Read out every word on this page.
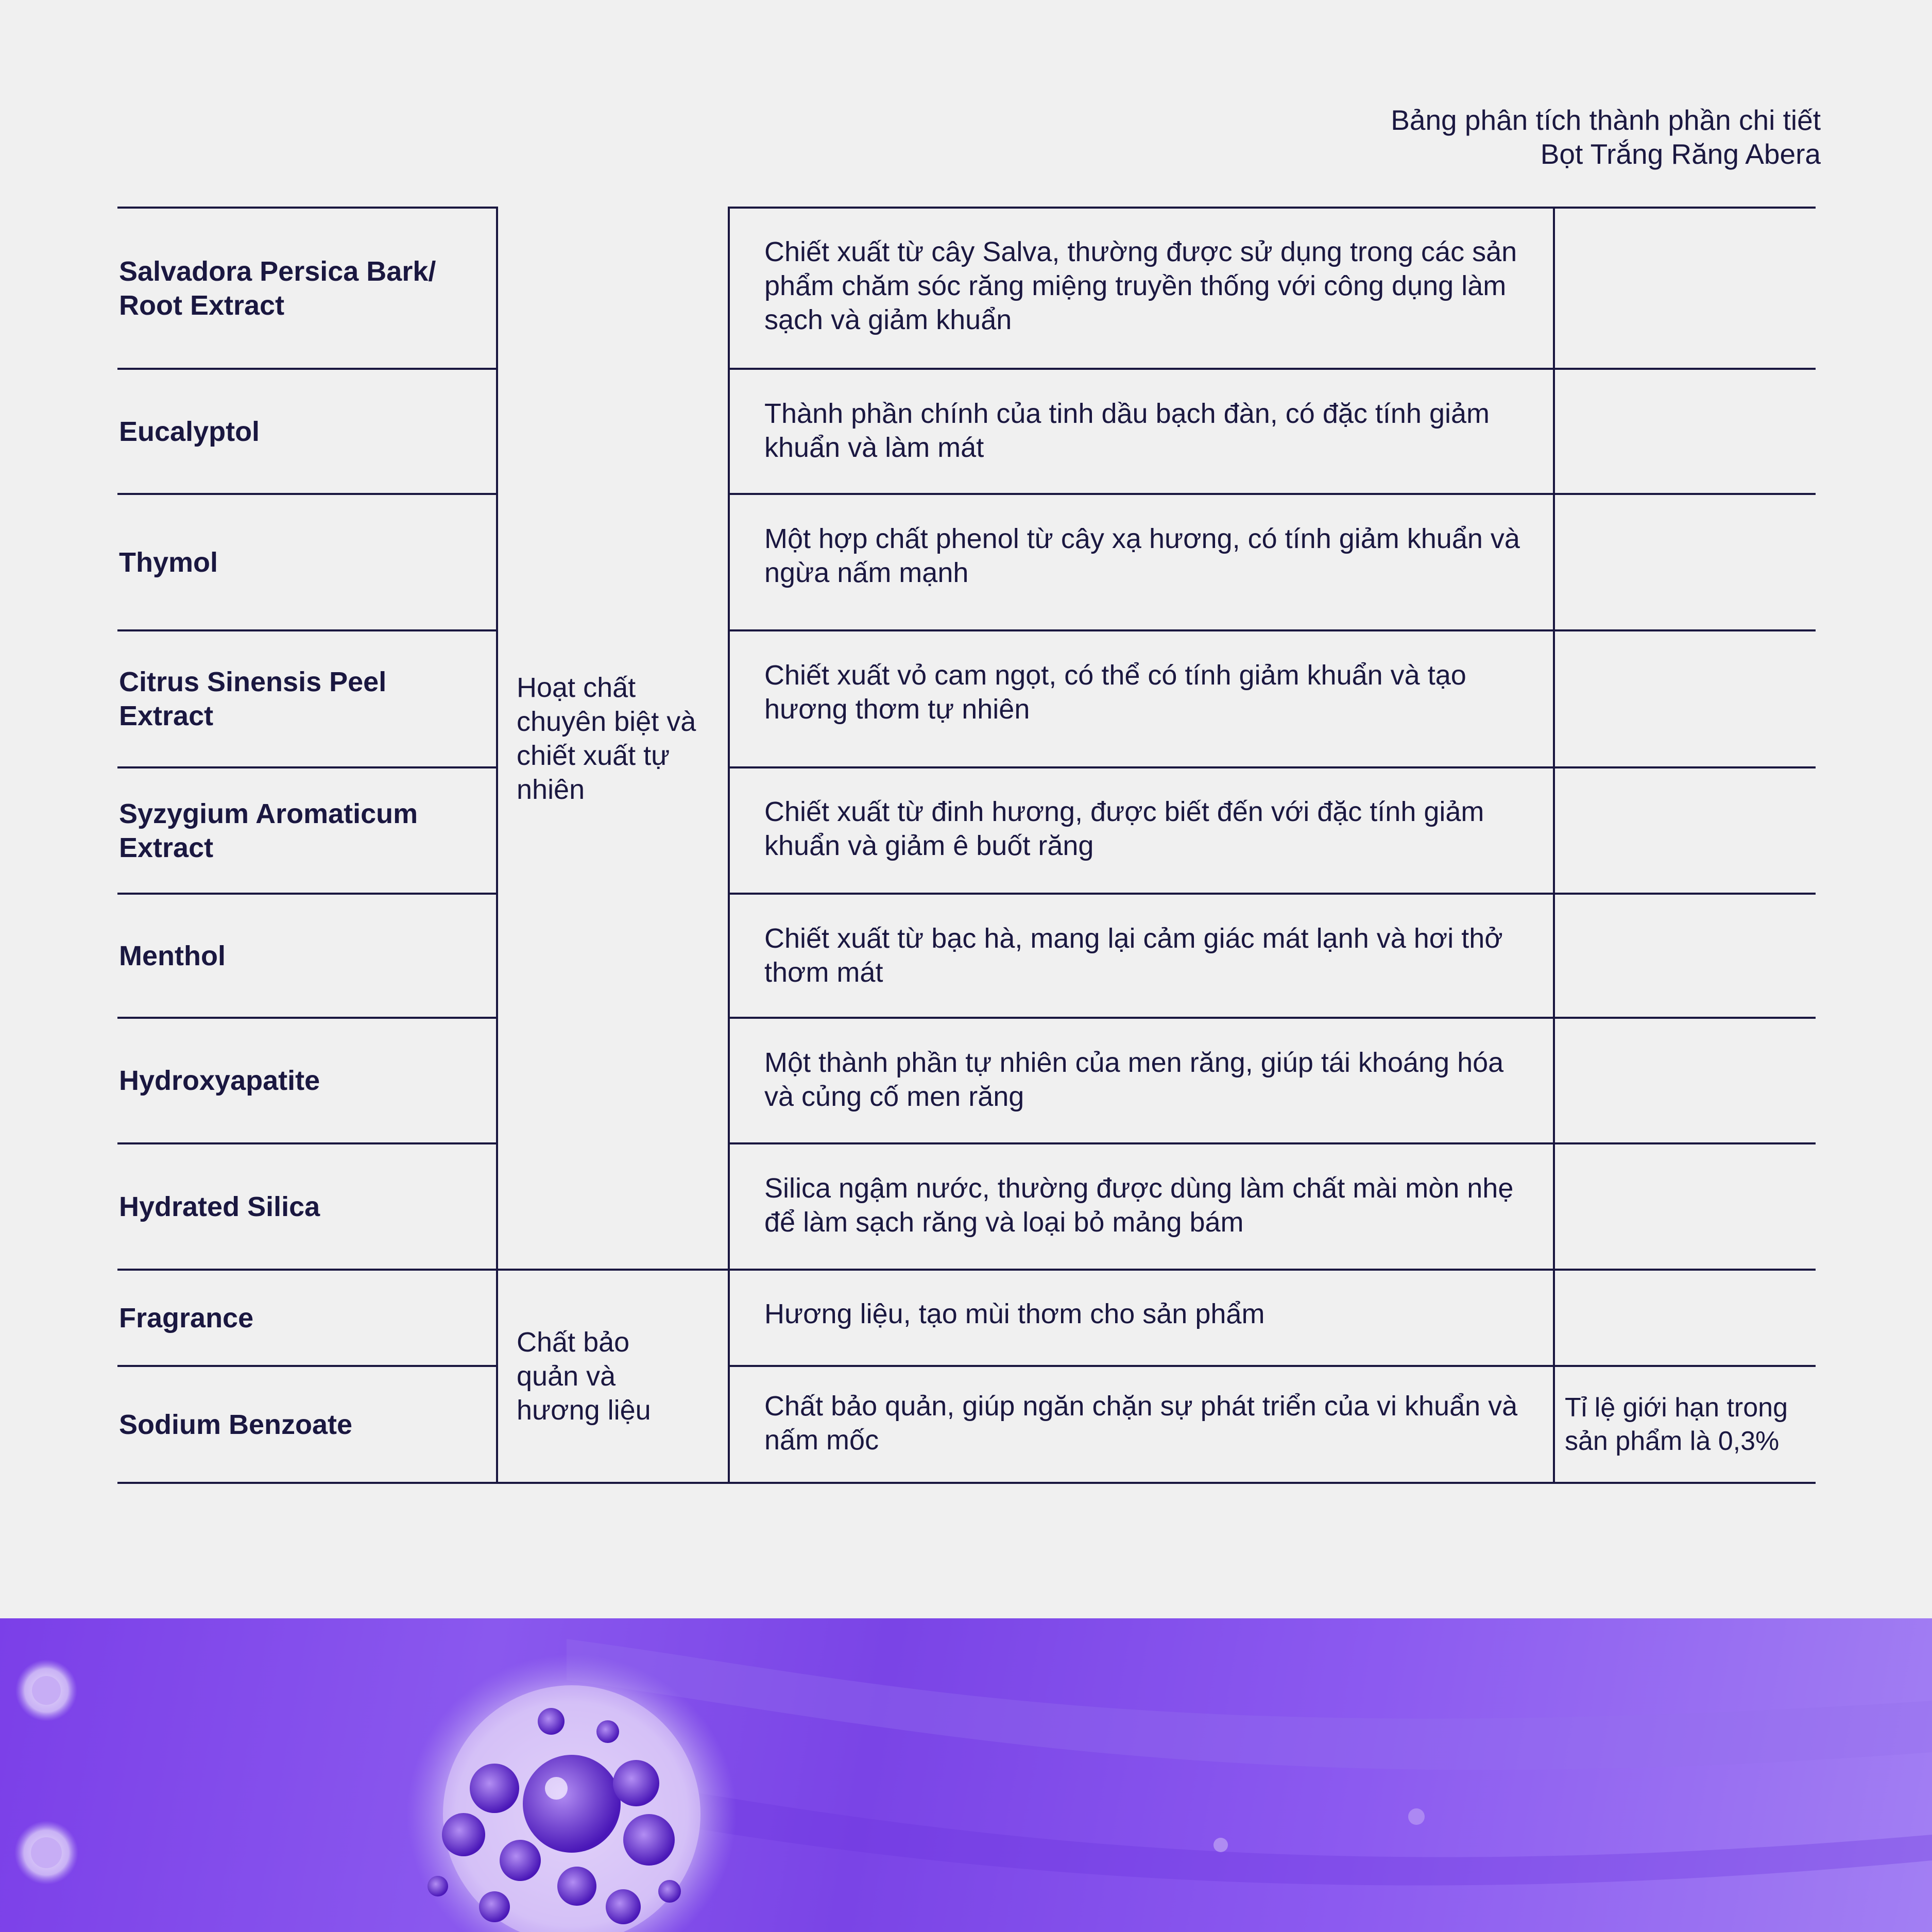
Bảng phân tích thành phần chi tiết
Bọt Trắng Răng Abera
Salvadora Persica Bark/ Root Extract
Eucalyptol
Thymol
Citrus Sinensis Peel Extract
Syzygium Aromaticum Extract
Menthol
Hydroxyapatite
Hydrated Silica
Fragrance
Sodium Benzoate
Hoạt chất chuyên biệt và chiết xuất tự nhiên
Chất bảo quản và hương liệu
Chiết xuất từ cây Salva, thường được sử dụng trong các sản phẩm chăm sóc răng miệng truyền thống với công dụng làm sạch và giảm khuẩn
Thành phần chính của tinh dầu bạch đàn, có đặc tính giảm khuẩn và làm mát
Một hợp chất phenol từ cây xạ hương, có tính giảm khuẩn và ngừa nấm mạnh
Chiết xuất vỏ cam ngọt, có thể có tính giảm khuẩn và tạo hương thơm tự nhiên
Chiết xuất từ đinh hương, được biết đến với đặc tính giảm khuẩn và giảm ê buốt răng
Chiết xuất từ bạc hà, mang lại cảm giác mát lạnh và hơi thở thơm mát
Một thành phần tự nhiên của men răng, giúp tái khoáng hóa và củng cố men răng
Silica ngậm nước, thường được dùng làm chất mài mòn nhẹ để làm sạch răng và loại bỏ mảng bám
Hương liệu, tạo mùi thơm cho sản phẩm
Chất bảo quản, giúp ngăn chặn sự phát triển của vi khuẩn và nấm mốc
Tỉ lệ giới hạn trong sản phẩm là 0,3%
